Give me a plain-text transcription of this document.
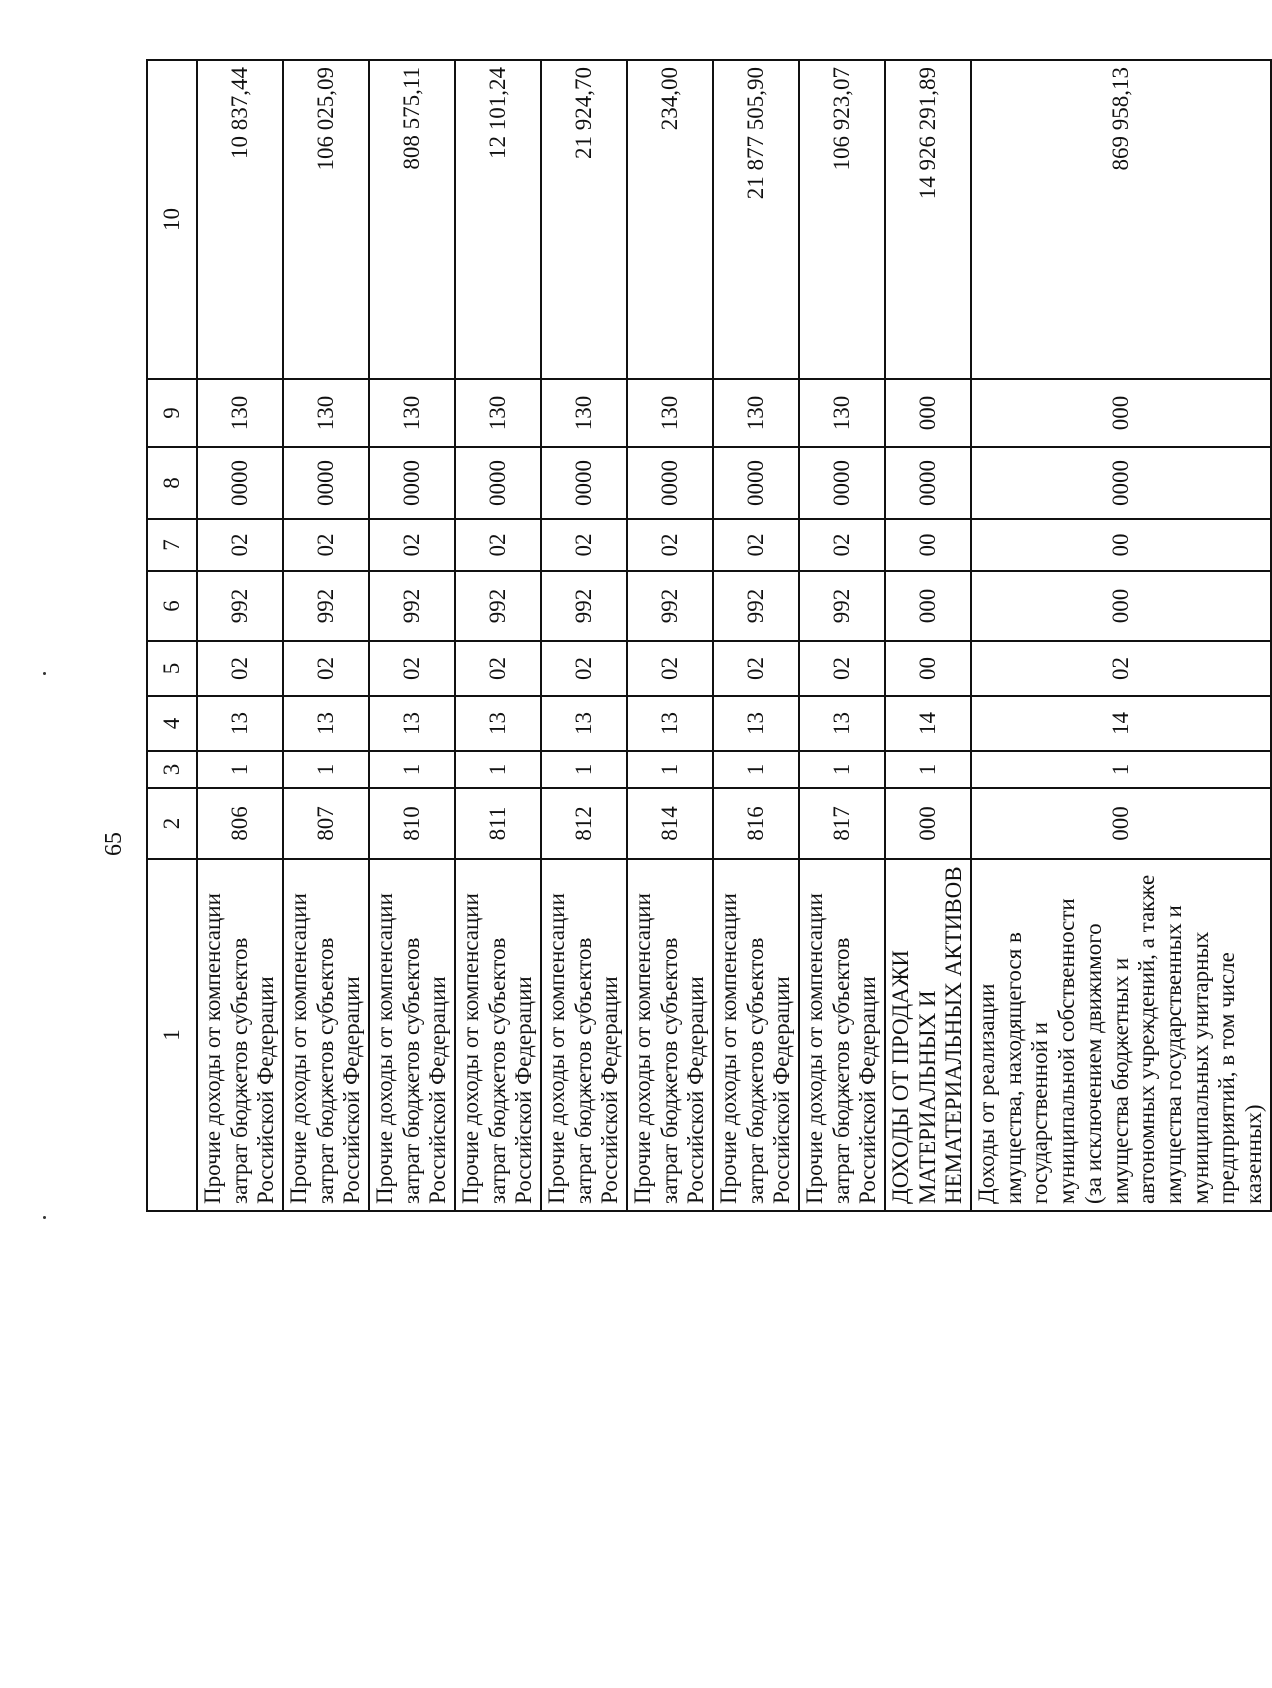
65
1	2	3	4	5	6	7	8	9	10
Прочие доходы от компенсации затрат бюджетов субъектов Российской Федерации	806	1	13	02	992	02	0000	130	10 837,44
Прочие доходы от компенсации затрат бюджетов субъектов Российской Федерации	807	1	13	02	992	02	0000	130	106 025,09
Прочие доходы от компенсации затрат бюджетов субъектов Российской Федерации	810	1	13	02	992	02	0000	130	808 575,11
Прочие доходы от компенсации затрат бюджетов субъектов Российской Федерации	811	1	13	02	992	02	0000	130	12 101,24
Прочие доходы от компенсации затрат бюджетов субъектов Российской Федерации	812	1	13	02	992	02	0000	130	21 924,70
Прочие доходы от компенсации затрат бюджетов субъектов Российской Федерации	814	1	13	02	992	02	0000	130	234,00
Прочие доходы от компенсации затрат бюджетов субъектов Российской Федерации	816	1	13	02	992	02	0000	130	21 877 505,90
Прочие доходы от компенсации затрат бюджетов субъектов Российской Федерации	817	1	13	02	992	02	0000	130	106 923,07
ДОХОДЫ ОТ ПРОДАЖИ МАТЕРИАЛЬНЫХ И НЕМАТЕРИАЛЬНЫХ АКТИВОВ	000	1	14	00	000	00	0000	000	14 926 291,89
Доходы от реализации имущества, находящегося в государственной и муниципальной собственности (за исключением движимого имущества бюджетных и автономных учреждений, а также имущества государственных и муниципальных унитарных предприятий, в том числе казенных)	000	1	14	02	000	00	0000	000	869 958,13
